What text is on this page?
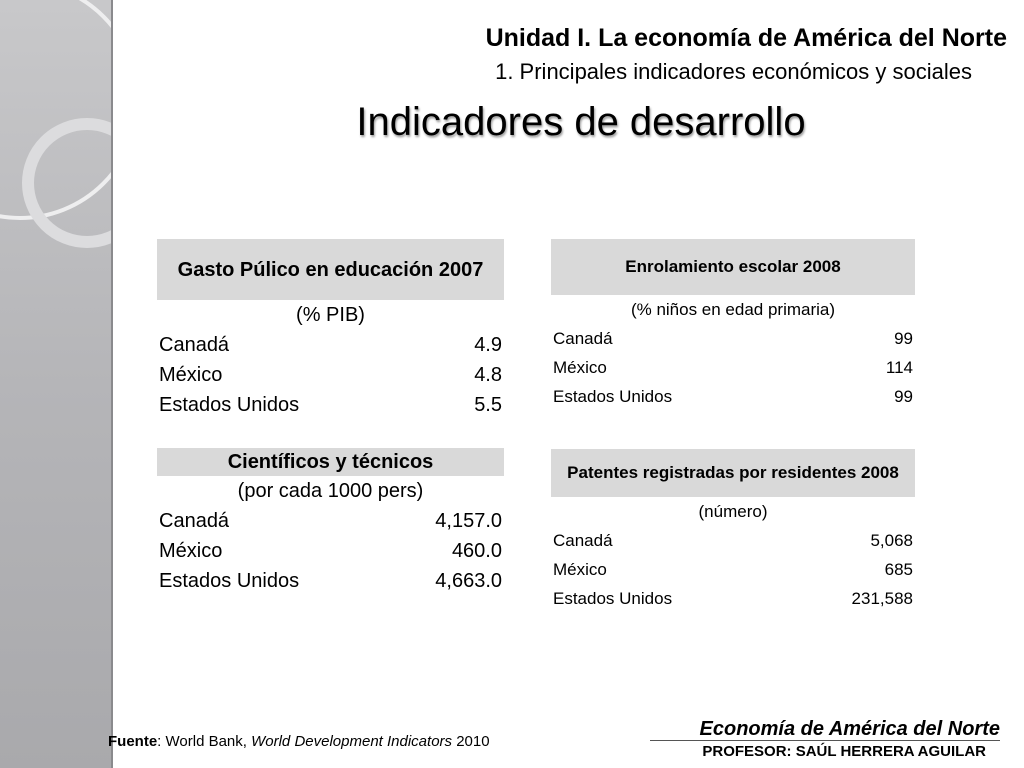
Unidad I. La economía de América del Norte
1. Principales indicadores económicos y sociales
Indicadores de desarrollo
Gasto Púlico en educación 2007	
(% PIB)	
Canadá	4.9
México	4.8
Estados Unidos	5.5
Enrolamiento escolar 2008	
(% niños en edad primaria)	
Canadá	99
México	114
Estados Unidos	99
Científicos y técnicos	
(por cada 1000 pers)	
Canadá	4,157.0
México	460.0
Estados Unidos	4,663.0
Patentes registradas por residentes 2008	
(número)	
Canadá	5,068
México	685
Estados Unidos	231,588
Fuente: World Bank, World Development Indicators 2010
Economía de América del Norte
PROFESOR: SAÚL HERRERA AGUILAR
